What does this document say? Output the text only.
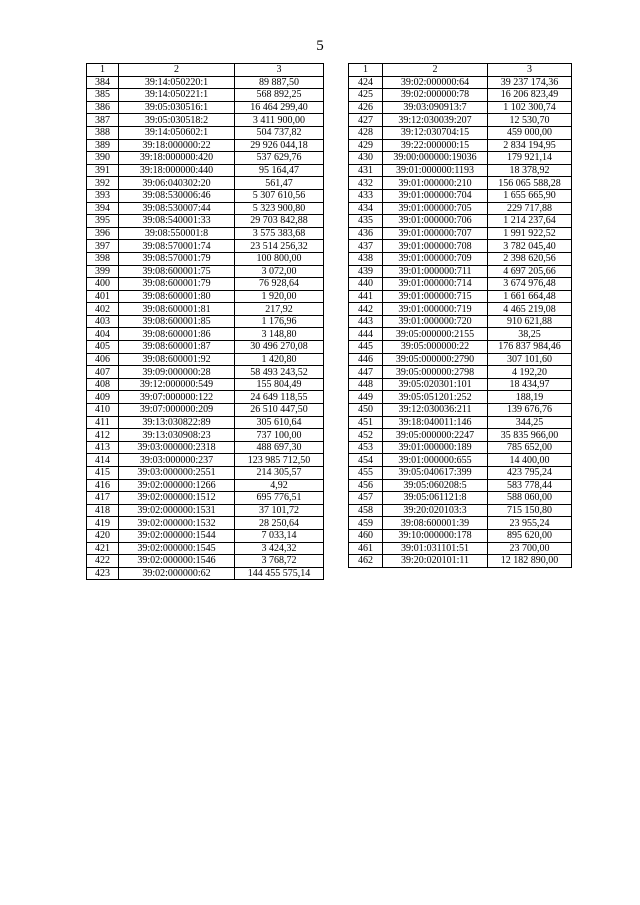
5
1	2	3
384	39:14:050220:1	89 887,50
385	39:14:050221:1	568 892,25
386	39:05:030516:1	16 464 299,40
387	39:05:030518:2	3 411 900,00
388	39:14:050602:1	504 737,82
389	39:18:000000:22	29 926 044,18
390	39:18:000000:420	537 629,76
391	39:18:000000:440	95 164,47
392	39:06:040302:20	561,47
393	39:08:530006:46	5 307 610,56
394	39:08:530007:44	5 323 900,80
395	39:08:540001:33	29 703 842,88
396	39:08:550001:8	3 575 383,68
397	39:08:570001:74	23 514 256,32
398	39:08:570001:79	100 800,00
399	39:08:600001:75	3 072,00
400	39:08:600001:79	76 928,64
401	39:08:600001:80	1 920,00
402	39:08:600001:81	217,92
403	39:08:600001:85	1 176,96
404	39:08:600001:86	3 148,80
405	39:08:600001:87	30 496 270,08
406	39:08:600001:92	1 420,80
407	39:09:000000:28	58 493 243,52
408	39:12:000000:549	155 804,49
409	39:07:000000:122	24 649 118,55
410	39:07:000000:209	26 510 447,50
411	39:13:030822:89	305 610,64
412	39:13:030908:23	737 100,00
413	39:03:000000:2318	488 697,30
414	39:03:000000:237	123 985 712,50
415	39:03:000000:2551	214 305,57
416	39:02:000000:1266	4,92
417	39:02:000000:1512	695 776,51
418	39:02:000000:1531	37 101,72
419	39:02:000000:1532	28 250,64
420	39:02:000000:1544	7 033,14
421	39:02:000000:1545	3 424,32
422	39:02:000000:1546	3 768,72
423	39:02:000000:62	144 455 575,14
1	2	3
424	39:02:000000:64	39 237 174,36
425	39:02:000000:78	16 206 823,49
426	39:03:090913:7	1 102 300,74
427	39:12:030039:207	12 530,70
428	39:12:030704:15	459 000,00
429	39:22:000000:15	2 834 194,95
430	39:00:000000:19036	179 921,14
431	39:01:000000:1193	18 378,92
432	39:01:000000:210	156 065 588,28
433	39:01:000000:704	1 655 665,90
434	39:01:000000:705	229 717,88
435	39:01:000000:706	1 214 237,64
436	39:01:000000:707	1 991 922,52
437	39:01:000000:708	3 782 045,40
438	39:01:000000:709	2 398 620,56
439	39:01:000000:711	4 697 205,66
440	39:01:000000:714	3 674 976,48
441	39:01:000000:715	1 661 664,48
442	39:01:000000:719	4 465 219,08
443	39:01:000000:720	910 621,88
444	39:05:000000:2155	38,25
445	39:05:000000:22	176 837 984,46
446	39:05:000000:2790	307 101,60
447	39:05:000000:2798	4 192,20
448	39:05:020301:101	18 434,97
449	39:05:051201:252	188,19
450	39:12:030036:211	139 676,76
451	39:18:040011:146	344,25
452	39:05:000000:2247	35 835 966,00
453	39:01:000000:189	785 652,00
454	39:01:000000:655	14 400,00
455	39:05:040617:399	423 795,24
456	39:05:060208:5	583 778,44
457	39:05:061121:8	588 060,00
458	39:20:020103:3	715 150,80
459	39:08:600001:39	23 955,24
460	39:10:000000:178	895 620,00
461	39:01:031101:51	23 700,00
462	39:20:020101:11	12 182 890,00
